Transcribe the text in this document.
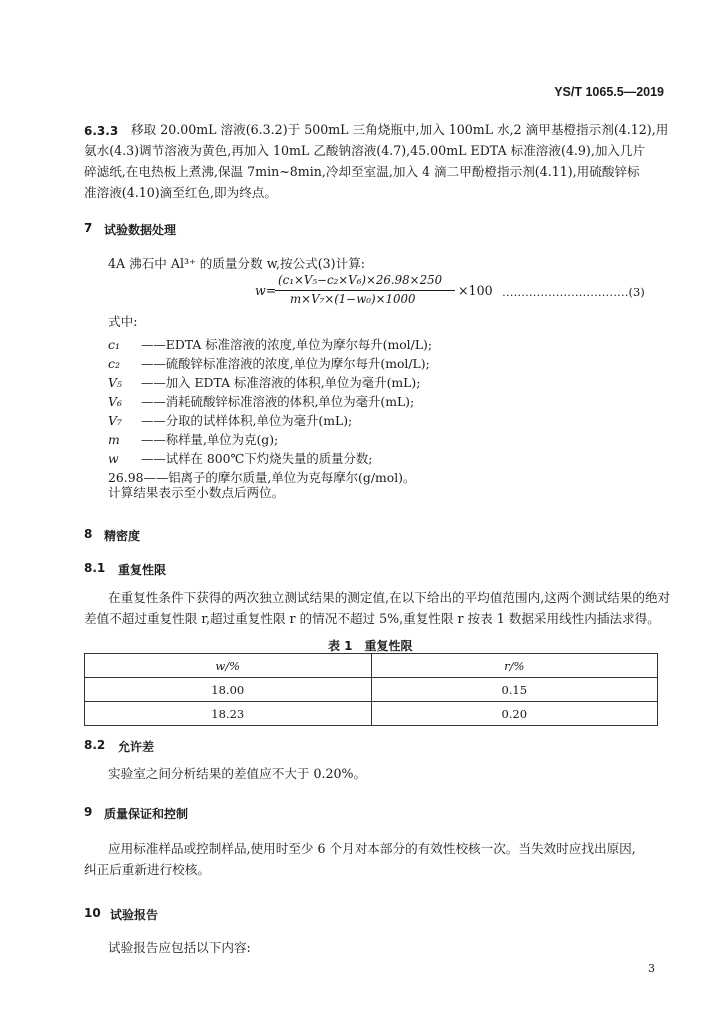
YS/T 1065.5—2019
6.3.3 移取 20.00mL 溶液(6.3.2)于 500mL 三角烧瓶中,加入 100mL 水,2 滴甲基橙指示剂(4.12),用
氨水(4.3)调节溶液为黄色,再加入 10mL 乙酸钠溶液(4.7),45.00mL EDTA 标准溶液(4.9),加入几片
碎滤纸,在电热板上煮沸,保温 7min~8min,冷却至室温,加入 4 滴二甲酚橙指示剂(4.11),用硫酸锌标
准溶液(4.10)滴至红色,即为终点。
7 试验数据处理
4A 沸石中 Al³⁺ 的质量分数 w,按公式(3)计算:
w=
(c₁×V₅−c₂×V₆)×26.98×250
m×V₇×(1−w₀)×1000
×100 ……………………………(3)
式中:
c₁ ——EDTA 标准溶液的浓度,单位为摩尔每升(mol/L);
c₂ ——硫酸锌标准溶液的浓度,单位为摩尔每升(mol/L);
V₅ ——加入 EDTA 标准溶液的体积,单位为毫升(mL);
V₆ ——消耗硫酸锌标准溶液的体积,单位为毫升(mL);
V₇ ——分取的试样体积,单位为毫升(mL);
m ——称样量,单位为克(g);
w ——试样在 800℃下灼烧失量的质量分数;
26.98——铝离子的摩尔质量,单位为克每摩尔(g/mol)。
计算结果表示至小数点后两位。
8 精密度
8.1 重复性限
在重复性条件下获得的两次独立测试结果的测定值,在以下给出的平均值范围内,这两个测试结果的绝对
差值不超过重复性限 r,超过重复性限 r 的情况不超过 5%,重复性限 r 按表 1 数据采用线性内插法求得。
表 1　重复性限
w/%	r/%
18.00	0.15
18.23	0.20
8.2 允许差
实验室之间分析结果的差值应不大于 0.20%。
9 质量保证和控制
应用标准样品或控制样品,使用时至少 6 个月对本部分的有效性校核一次。当失效时应找出原因,
纠正后重新进行校核。
10 试验报告
试验报告应包括以下内容:
3
